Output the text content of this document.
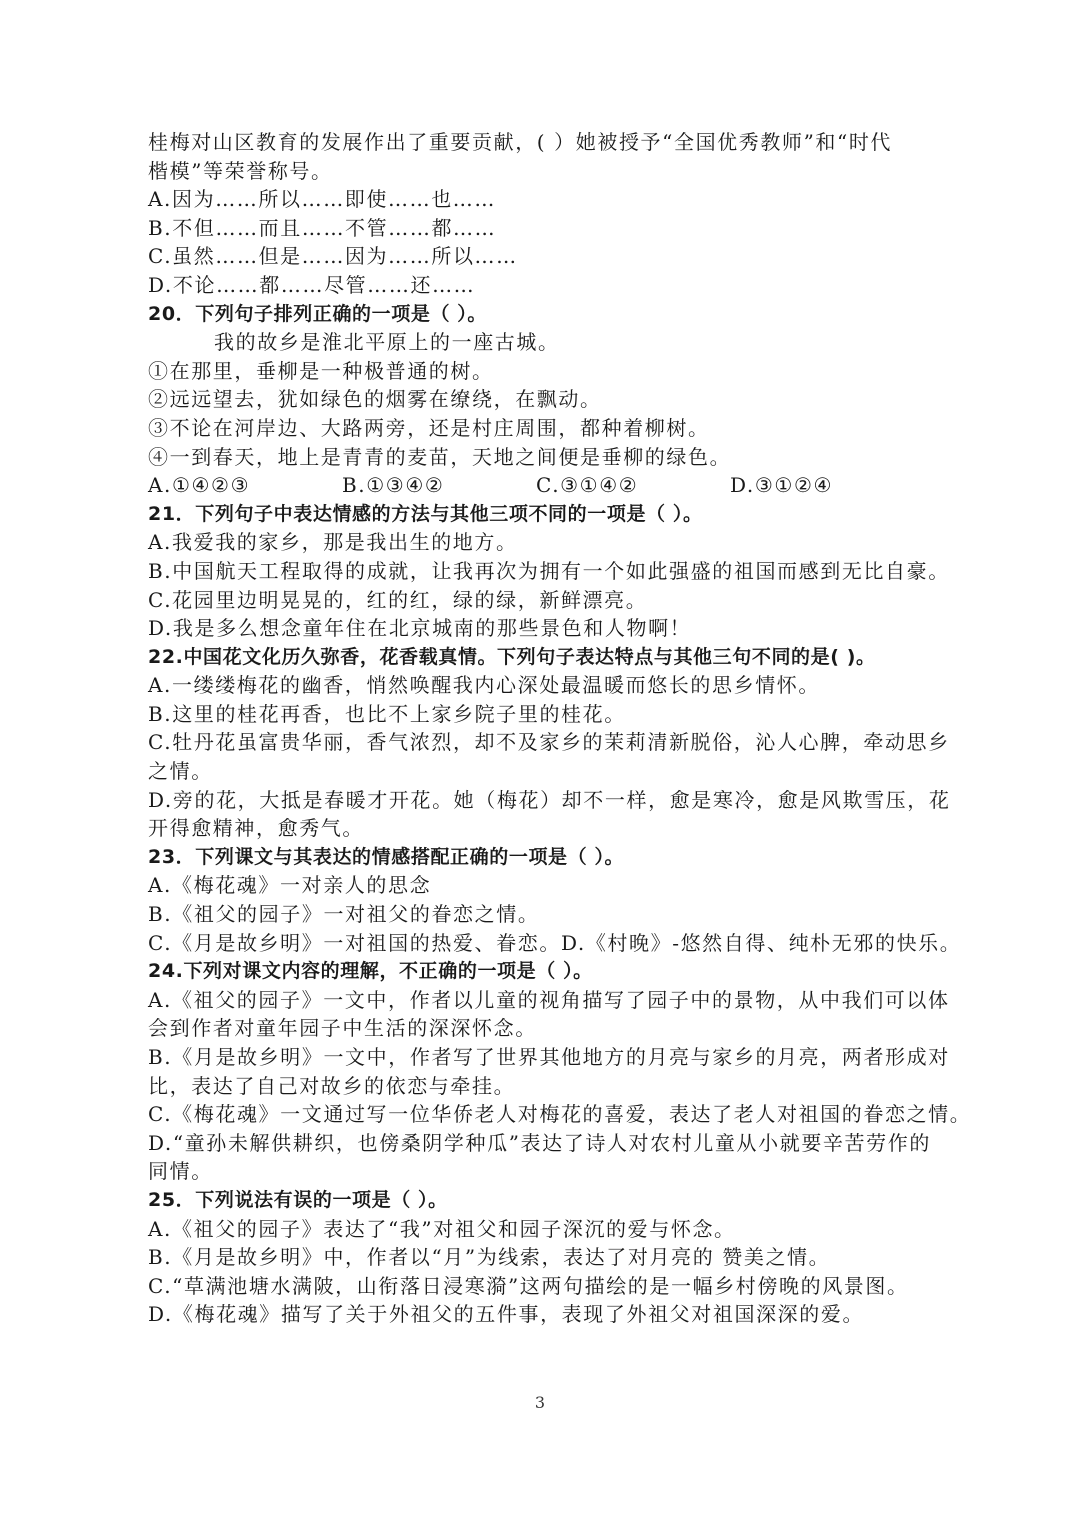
桂梅对山区教育的发展作出了重要贡献，( ）她被授予“全国优秀教师”和“时代
楷模”等荣誉称号。
A.因为……所以……即使……也……
B.不但……而且……不管……都……
C.虽然……但是……因为……所以……
D.不论……都……尽管……还……
20．下列句子排列正确的一项是（ ）。
我的故乡是淮北平原上的一座古城。
①在那里，垂柳是一种极普通的树。
②远远望去，犹如绿色的烟雾在缭绕，在飘动。
③不论在河岸边、大路两旁，还是村庄周围，都种着柳树。
④一到春天，地上是青青的麦苗，天地之间便是垂柳的绿色。
A.①④②③	B.①③④②	C.③①④②	D.③①②④
21．下列句子中表达情感的方法与其他三项不同的一项是（ ）。
A.我爱我的家乡，那是我出生的地方。
B.中国航天工程取得的成就，让我再次为拥有一个如此强盛的祖国而感到无比自豪。
C.花园里边明晃晃的，红的红，绿的绿，新鲜漂亮。
D.我是多么想念童年住在北京城南的那些景色和人物啊！
22.中国花文化历久弥香，花香载真情。下列句子表达特点与其他三句不同的是( )。
A.一缕缕梅花的幽香，悄然唤醒我内心深处最温暖而悠长的思乡情怀。
B.这里的桂花再香，也比不上家乡院子里的桂花。
C.牡丹花虽富贵华丽，香气浓烈，却不及家乡的茉莉清新脱俗，沁人心脾，牵动思乡
之情。
D.旁的花，大抵是春暖才开花。她（梅花）却不一样，愈是寒冷，愈是风欺雪压，花
开得愈精神，愈秀气。
23．下列课文与其表达的情感搭配正确的一项是（ ）。
A.《梅花魂》一对亲人的思念
B.《祖父的园子》一对祖父的眷恋之情。
C.《月是故乡明》一对祖国的热爱、眷恋。D.《村晚》-悠然自得、纯朴无邪的快乐。
24.下列对课文内容的理解，不正确的一项是（ ）。
A.《祖父的园子》一文中，作者以儿童的视角描写了园子中的景物，从中我们可以体
会到作者对童年园子中生活的深深怀念。
B.《月是故乡明》一文中，作者写了世界其他地方的月亮与家乡的月亮，两者形成对
比，表达了自己对故乡的依恋与牵挂。
C.《梅花魂》一文通过写一位华侨老人对梅花的喜爱，表达了老人对祖国的眷恋之情。
D.“童孙未解供耕织，也傍桑阴学种瓜”表达了诗人对农村儿童从小就要辛苦劳作的
同情。
25．下列说法有误的一项是（ ）。
A.《祖父的园子》表达了“我”对祖父和园子深沉的爱与怀念。
B.《月是故乡明》中，作者以“月”为线索，表达了对月亮的 赞美之情。
C.“草满池塘水满陂，山衔落日浸寒漪”这两句描绘的是一幅乡村傍晚的风景图。
D.《梅花魂》描写了关于外祖父的五件事，表现了外祖父对祖国深深的爱。
3
